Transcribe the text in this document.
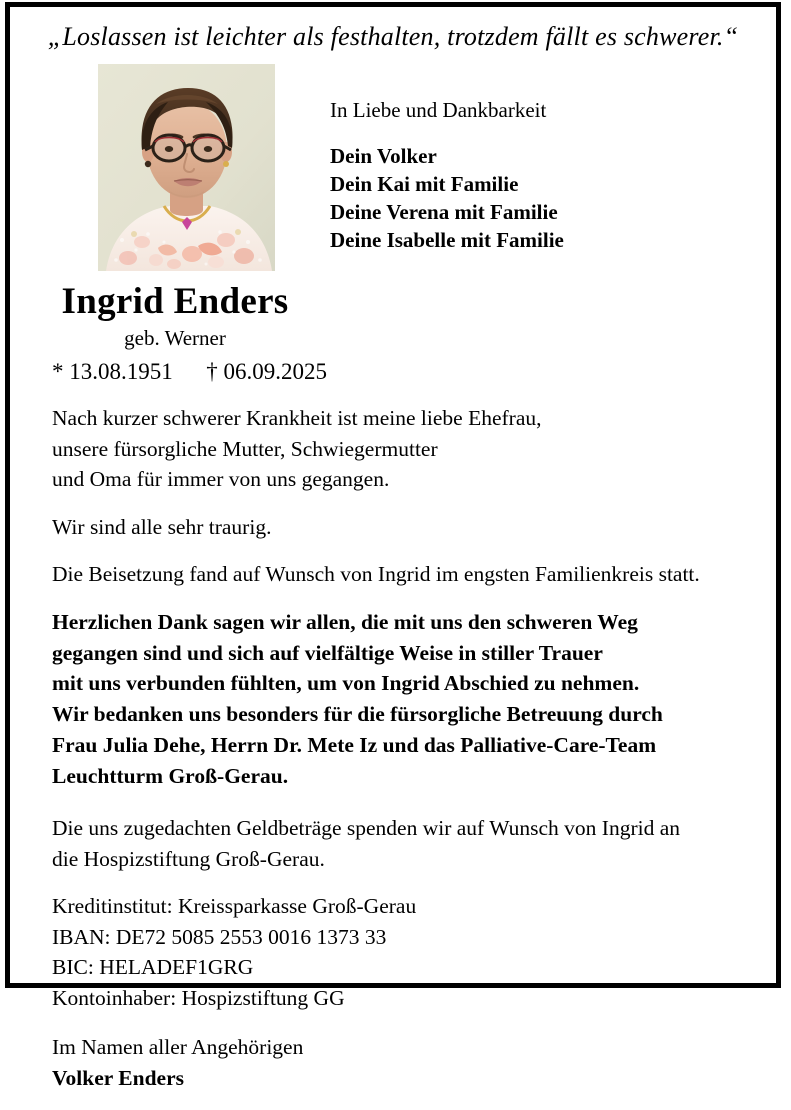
„Loslassen ist leichter als festhalten, trotzdem fällt es schwerer.“
In Liebe und Dankbarkeit
Dein Volker
Dein Kai mit Familie
Deine Verena mit Familie
Deine Isabelle mit Familie
Ingrid Enders
geb. Werner
* 13.08.1951 † 06.09.2025
Nach kurzer schwerer Krankheit ist meine liebe Ehefrau,
unsere fürsorgliche Mutter, Schwiegermutter
und Oma für immer von uns gegangen.
Wir sind alle sehr traurig.
Die Beisetzung fand auf Wunsch von Ingrid im engsten Familienkreis statt.
Herzlichen Dank sagen wir allen, die mit uns den schweren Weg
gegangen sind und sich auf vielfältige Weise in stiller Trauer
mit uns verbunden fühlten, um von Ingrid Abschied zu nehmen.
Wir bedanken uns besonders für die fürsorgliche Betreuung durch
Frau Julia Dehe, Herrn Dr. Mete Iz und das Palliative-Care-Team
Leuchtturm Groß-Gerau.
Die uns zugedachten Geldbeträge spenden wir auf Wunsch von Ingrid an
die Hospizstiftung Groß-Gerau.
Kreditinstitut: Kreissparkasse Groß-Gerau
IBAN: DE72 5085 2553 0016 1373 33
BIC: HELADEF1GRG
Kontoinhaber: Hospizstiftung GG
Im Namen aller Angehörigen
Volker Enders
